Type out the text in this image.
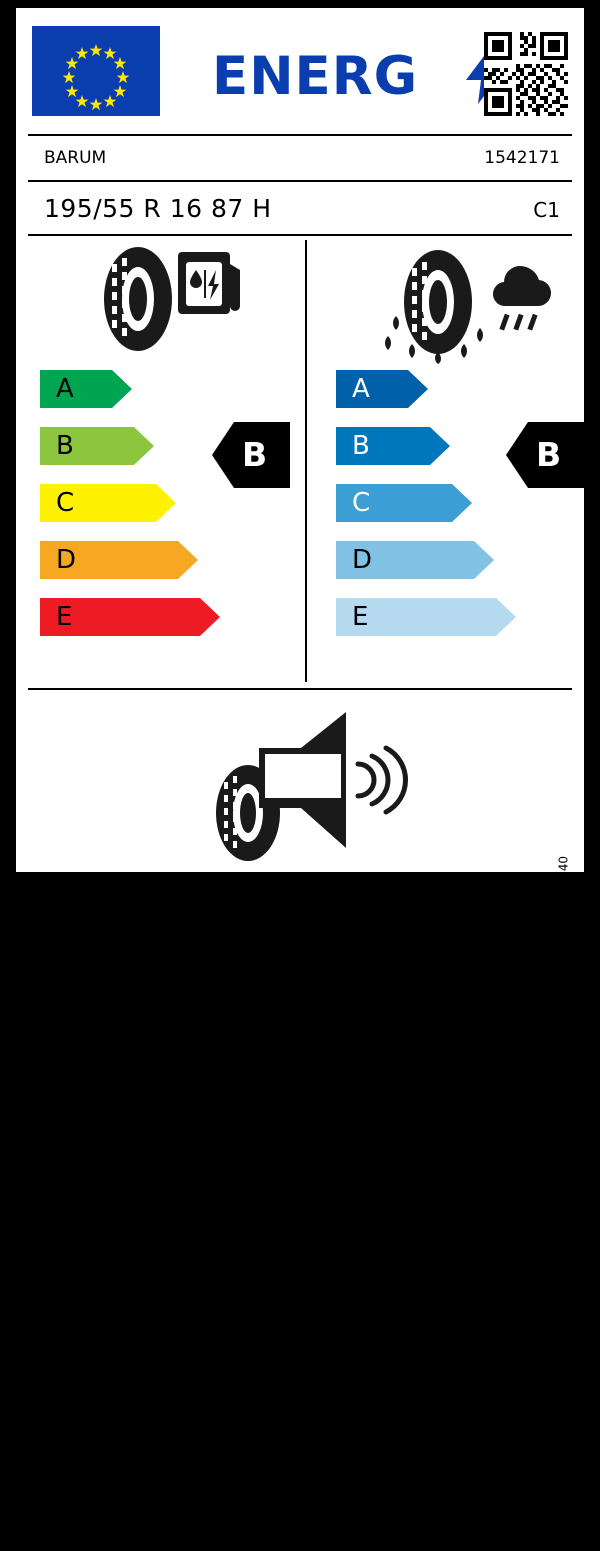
ENERG
BARUM	1542171
195/55 R 16 87 H	C1
A
B
C
D
E
B
A
B
C
D
E
B
69 dB
ABC
2020/740
